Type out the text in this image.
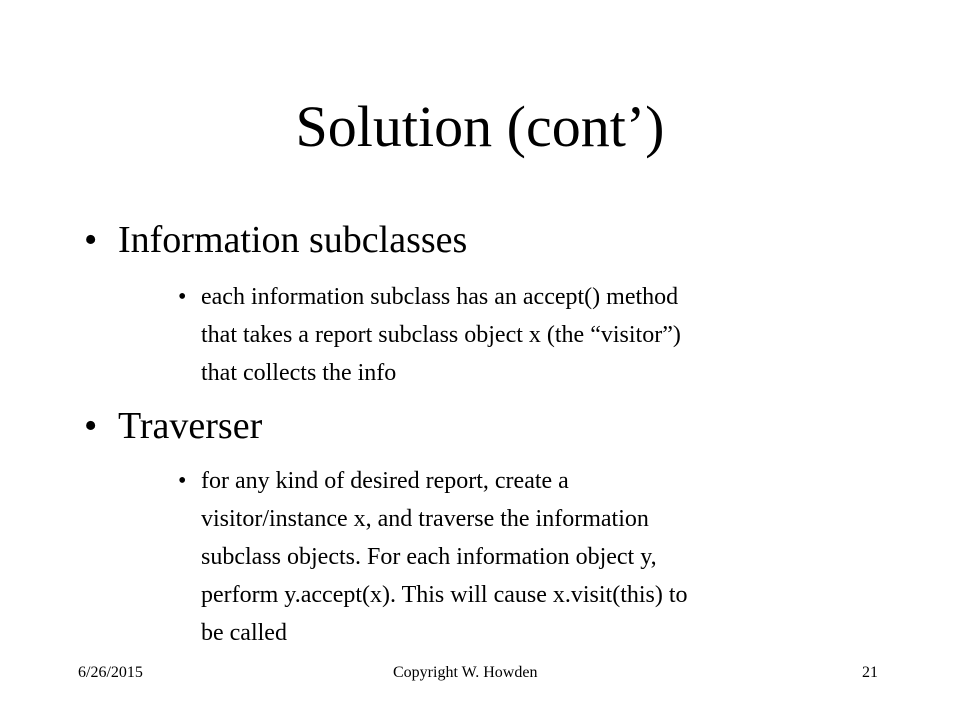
Solution (cont’)
• Information subclasses
• each information subclass has an accept() method
that takes a report subclass object x (the “visitor”)
that collects the info
• Traverser
• for any kind of desired report, create a
visitor/instance x, and traverse the information
subclass objects. For each information object y,
perform y.accept(x). This will cause x.visit(this) to
be called
6/26/2015	Copyright W. Howden	21
